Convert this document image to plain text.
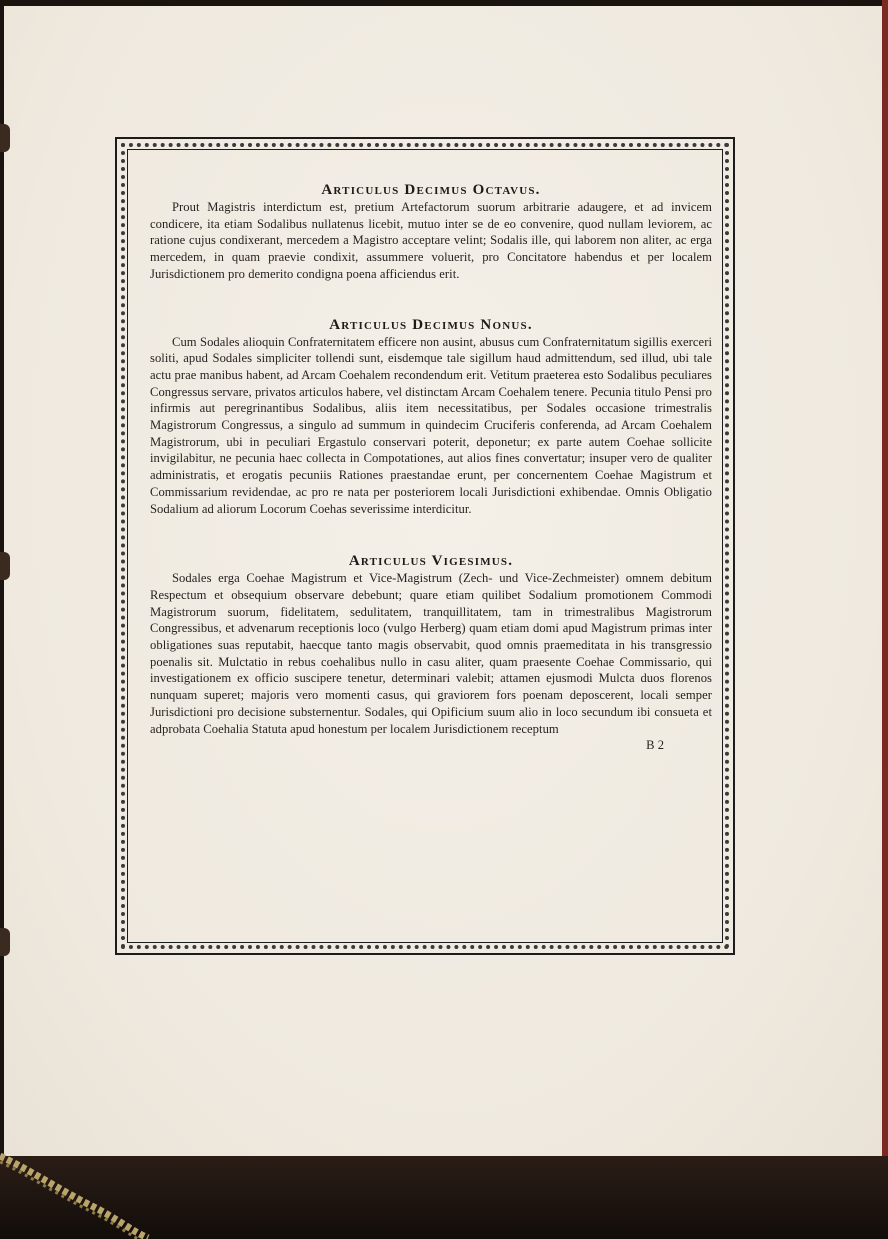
Articulus Decimus Octavus.

Prout Magistris interdictum est, pretium Artefactorum suorum arbitrarie adaugere, et ad invicem condicere, ita etiam Sodalibus nullatenus licebit, mutuo inter se de eo convenire, quod nullam leviorem, ac ratione cujus condixerant, mercedem a Magistro acceptare velint; Sodalis ille, qui laborem non aliter, ac erga mercedem, in quam praevie condixit, assummere voluerit, pro Concitatore habendus et per localem Jurisdictionem pro demerito condigna poena afficiendus erit.

Articulus Decimus Nonus.

Cum Sodales alioquin Confraternitatem efficere non ausint, abusus cum Confraternitatum sigillis exerceri soliti, apud Sodales simpliciter tollendi sunt, eisdemque tale sigillum haud admittendum, sed illud, ubi tale actu prae manibus habent, ad Arcam Coehalem recondendum erit. Vetitum praeterea esto Sodalibus peculiares Congressus servare, privatos articulos habere, vel distinctam Arcam Coehalem tenere. Pecunia titulo Pensi pro infirmis aut peregrinantibus Sodalibus, aliis item necessitatibus, per Sodales occasione trimestralis Magistrorum Congressus, a singulo ad summum in quindecim Cruciferis conferenda, ad Arcam Coehalem Magistrorum, ubi in peculiari Ergastulo conservari poterit, deponetur; ex parte autem Coehae sollicite invigilabitur, ne pecunia haec collecta in Compotationes, aut alios fines convertatur; insuper vero de qualiter administratis, et erogatis pecuniis Rationes praestandae erunt, per concernentem Coehae Magistrum et Commissarium revidendae, ac pro re nata per posteriorem locali Jurisdictioni exhibendae. Omnis Obligatio Sodalium ad aliorum Locorum Coehas severissime interdicitur.

Articulus Vigesimus.

Sodales erga Coehae Magistrum et Vice-Magistrum (Zech- und Vice-Zechmeister) omnem debitum Respectum et obsequium observare debebunt; quare etiam quilibet Sodalium promotionem Commodi Magistrorum suorum, fidelitatem, sedulitatem, tranquillitatem, tam in trimestralibus Magistrorum Congressibus, et advenarum receptionis loco (vulgo Herberg) quam etiam domi apud Magistrum primas inter obligationes suas reputabit, haecque tanto magis observabit, quod omnis praemeditata in his transgressio poenalis sit. Mulctatio in rebus coehalibus nullo in casu aliter, quam praesente Coehae Commissario, qui investigationem ex officio suscipere tenetur, determinari valebit; attamen ejusmodi Mulcta duos florenos nunquam superet; majoris vero momenti casus, qui graviorem fors poenam deposcerent, locali semper Jurisdictioni pro decisione substernentur. Sodales, qui Opificium suum alio in loco secundum ibi consueta et adprobata Coehalia Statuta apud honestum per localem Jurisdictionem receptum

B 2
